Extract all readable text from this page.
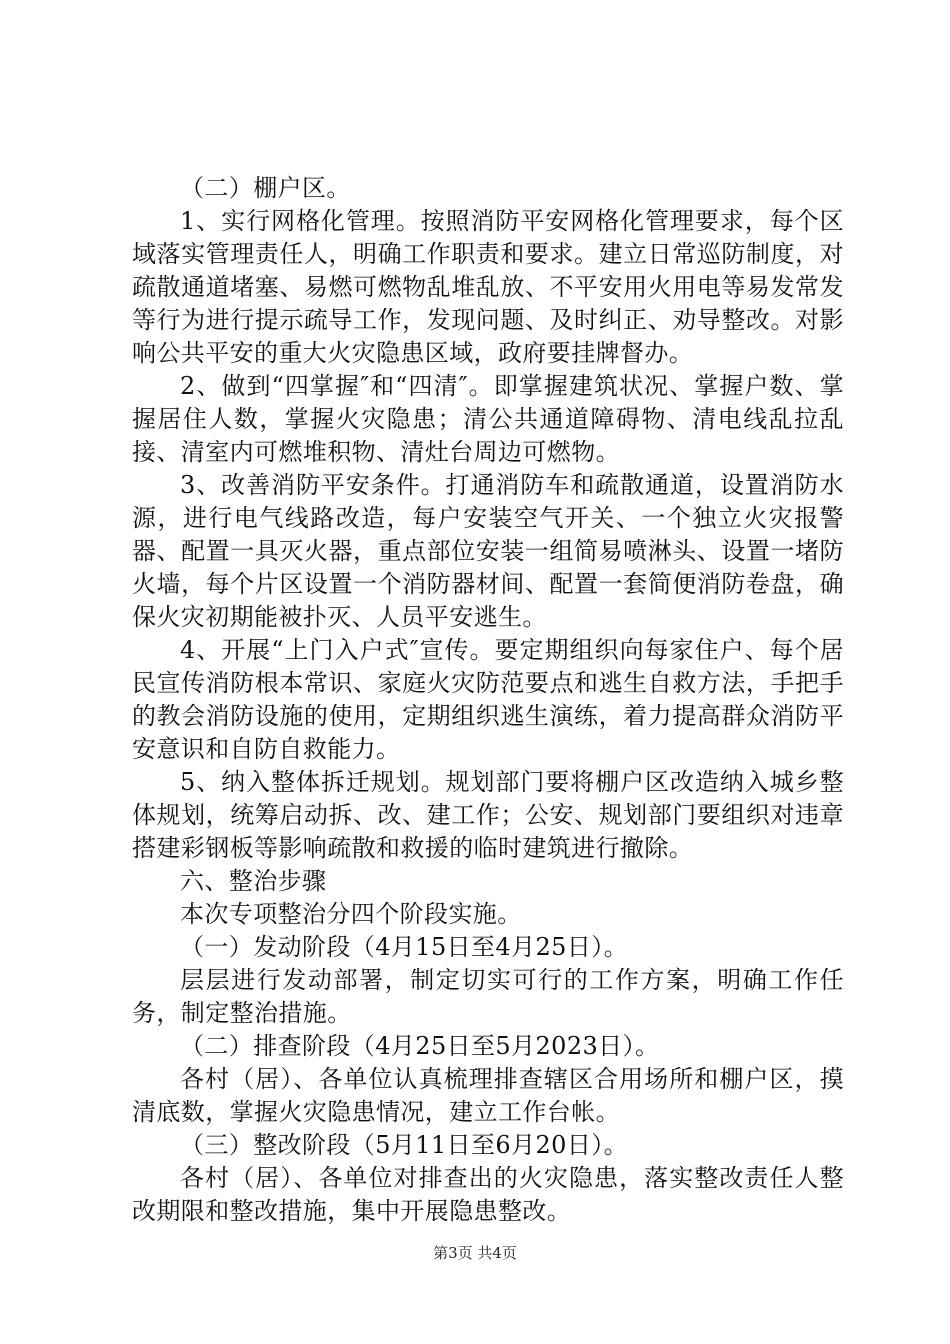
（二）棚户区。

1、实行网格化管理。按照消防平安网格化管理要求，每个区域落实管理责任人，明确工作职责和要求。建立日常巡防制度，对疏散通道堵塞、易燃可燃物乱堆乱放、不平安用火用电等易发常发等行为进行提示疏导工作，发现问题、及时纠正、劝导整改。对影响公共平安的重大火灾隐患区域，政府要挂牌督办。

2、做到“四掌握″和“四清″。即掌握建筑状况、掌握户数、掌握居住人数，掌握火灾隐患；清公共通道障碍物、清电线乱拉乱接、清室内可燃堆积物、清灶台周边可燃物。

3、改善消防平安条件。打通消防车和疏散通道，设置消防水源，进行电气线路改造，每户安装空气开关、一个独立火灾报警器、配置一具灭火器，重点部位安装一组简易喷淋头、设置一堵防火墙，每个片区设置一个消防器材间、配置一套简便消防卷盘，确保火灾初期能被扑灭、人员平安逃生。

4、开展“上门入户式″宣传。要定期组织向每家住户、每个居民宣传消防根本常识、家庭火灾防范要点和逃生自救方法，手把手的教会消防设施的使用，定期组织逃生演练，着力提高群众消防平安意识和自防自救能力。

5、纳入整体拆迁规划。规划部门要将棚户区改造纳入城乡整体规划，统筹启动拆、改、建工作；公安、规划部门要组织对违章搭建彩钢板等影响疏散和救援的临时建筑进行撤除。

六、整治步骤

本次专项整治分四个阶段实施。

（一）发动阶段（4月15日至4月25日）。

层层进行发动部署，制定切实可行的工作方案，明确工作任务，制定整治措施。

（二）排查阶段（4月25日至5月2023日）。

各村（居）、各单位认真梳理排查辖区合用场所和棚户区，摸清底数，掌握火灾隐患情况，建立工作台帐。

（三）整改阶段（5月11日至6月20日）。

各村（居）、各单位对排查出的火灾隐患，落实整改责任人整改期限和整改措施，集中开展隐患整改。

第3页 共4页
